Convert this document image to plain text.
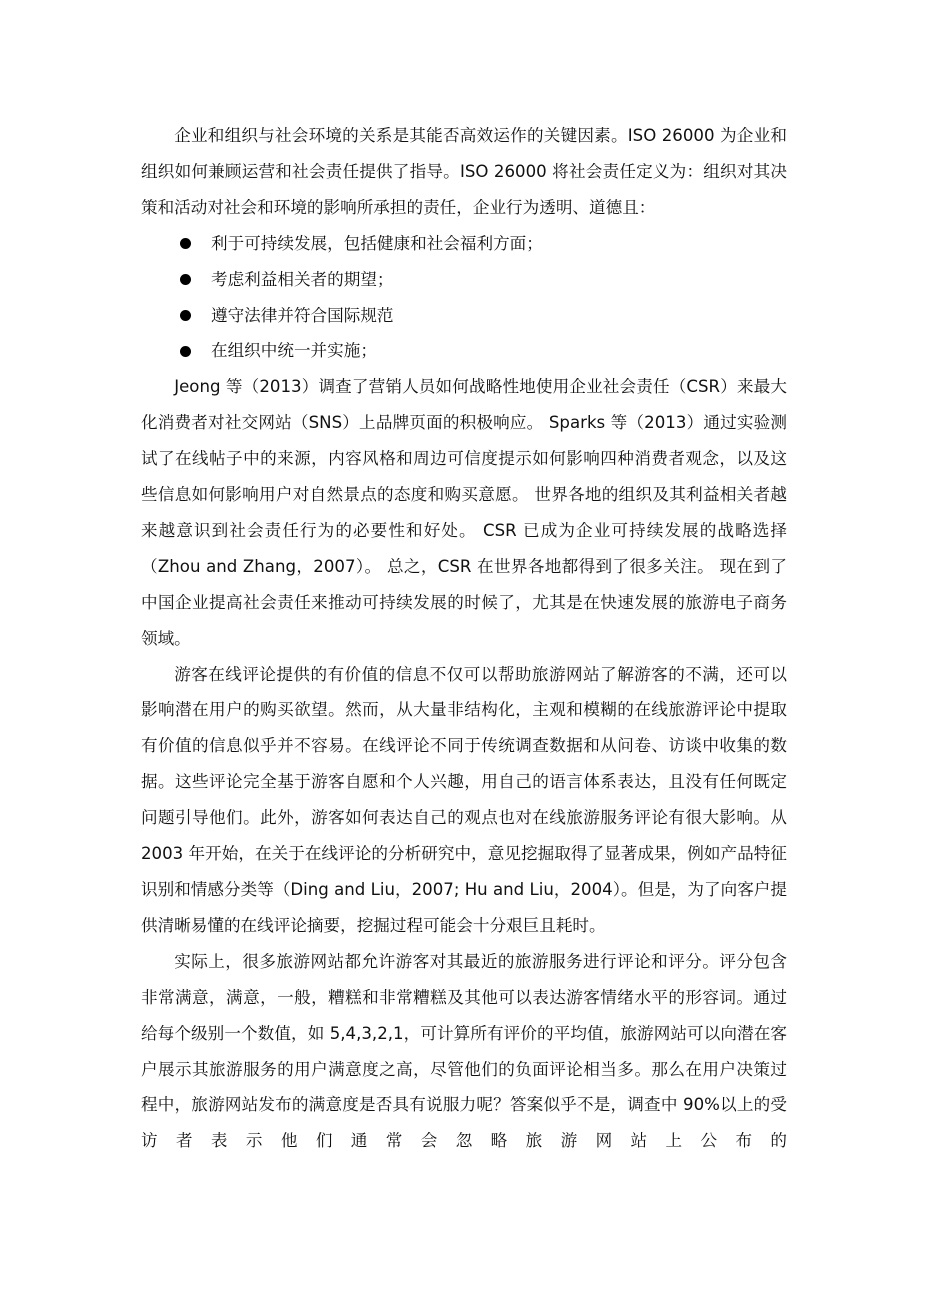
企业和组织与社会环境的关系是其能否高效运作的关键因素。ISO 26000 为企业和组织如何兼顾运营和社会责任提供了指导。ISO 26000 将社会责任定义为：组织对其决策和活动对社会和环境的影响所承担的责任，企业行为透明、道德且：

利于可持续发展，包括健康和社会福利方面；
考虑利益相关者的期望；
遵守法律并符合国际规范
在组织中统一并实施；

Jeong 等（2013）调查了营销人员如何战略性地使用企业社会责任（CSR）来最大化消费者对社交网站（SNS）上品牌页面的积极响应。 Sparks 等（2013）通过实验测试了在线帖子中的来源，内容风格和周边可信度提示如何影响四种消费者观念，以及这些信息如何影响用户对自然景点的态度和购买意愿。 世界各地的组织及其利益相关者越来越意识到社会责任行为的必要性和好处。 CSR 已成为企业可持续发展的战略选择（Zhou and Zhang，2007）。 总之，CSR 在世界各地都得到了很多关注。 现在到了中国企业提高社会责任来推动可持续发展的时候了，尤其是在快速发展的旅游电子商务领域。

游客在线评论提供的有价值的信息不仅可以帮助旅游网站了解游客的不满，还可以影响潜在用户的购买欲望。然而，从大量非结构化，主观和模糊的在线旅游评论中提取有价值的信息似乎并不容易。在线评论不同于传统调查数据和从问卷、访谈中收集的数据。这些评论完全基于游客自愿和个人兴趣，用自己的语言体系表达，且没有任何既定问题引导他们。此外，游客如何表达自己的观点也对在线旅游服务评论有很大影响。从 2003 年开始，在关于在线评论的分析研究中，意见挖掘取得了显著成果，例如产品特征识别和情感分类等（Ding and Liu，2007; Hu and Liu，2004）。但是，为了向客户提供清晰易懂的在线评论摘要，挖掘过程可能会十分艰巨且耗时。

实际上，很多旅游网站都允许游客对其最近的旅游服务进行评论和评分。评分包含非常满意，满意，一般，糟糕和非常糟糕及其他可以表达游客情绪水平的形容词。通过给每个级别一个数值，如 5,4,3,2,1，可计算所有评价的平均值，旅游网站可以向潜在客户展示其旅游服务的用户满意度之高，尽管他们的负面评论相当多。那么在用户决策过程中，旅游网站发布的满意度是否具有说服力呢？答案似乎不是，调查中 90%以上的受访者表示他们通常会忽略旅游网站上公布的
